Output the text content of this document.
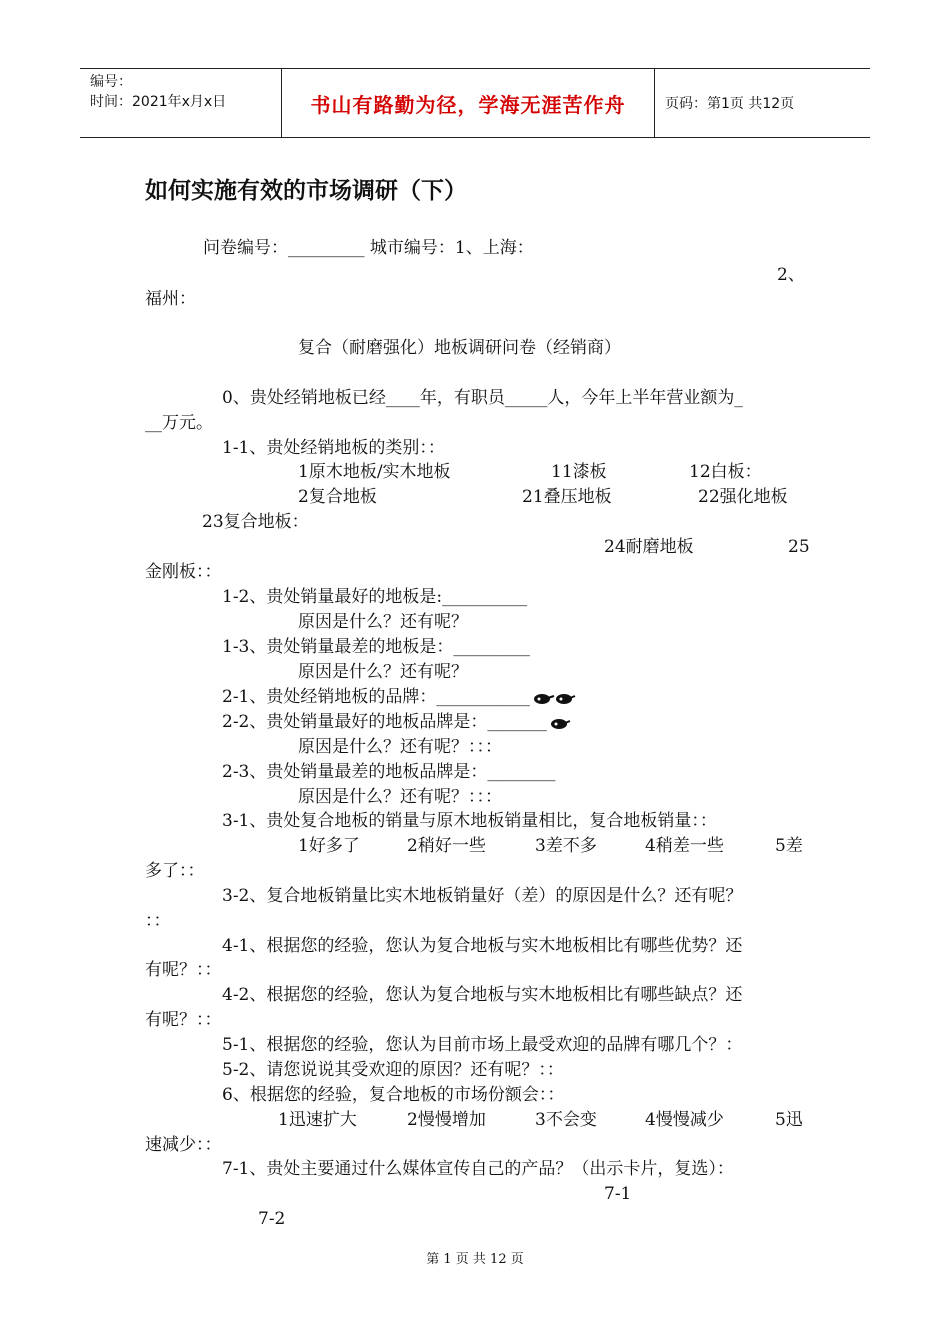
编号：
时间：2021年x月x日	书山有路勤为径，学海无涯苦作舟	页码：第1页 共12页
如何实施有效的市场调研（下）
问卷编号：_________ 城市编号：1、上海：
2、
福州：
复合（耐磨强化）地板调研问卷（经销商）
0、贵处经销地板已经____年，有职员_____人，今年上半年营业额为_
__万元。
1-1、贵处经销地板的类别：：
1原木地板/实木地板	11漆板	12白板：
2复合地板	21叠压地板	22强化地板
23复合地板：
24耐磨地板	25
金刚板：：
1-2、贵处销量最好的地板是:__________
原因是什么？还有呢？
1-3、贵处销量最差的地板是：_________
原因是什么？还有呢？
2-1、贵处经销地板的品牌：___________
2-2、贵处销量最好的地板品牌是：_______
原因是什么？还有呢？：：：
2-3、贵处销量最差的地板品牌是：________
原因是什么？还有呢？：：：
3-1、贵处复合地板的销量与原木地板销量相比，复合地板销量：：
1好多了	2稍好一些	3差不多	4稍差一些	5差
多了：：
3-2、复合地板销量比实木地板销量好（差）的原因是什么？还有呢？
：：
4-1、根据您的经验，您认为复合地板与实木地板相比有哪些优势？还
有呢？：：
4-2、根据您的经验，您认为复合地板与实木地板相比有哪些缺点？还
有呢？：：
5-1、根据您的经验，您认为目前市场上最受欢迎的品牌有哪几个？：
5-2、请您说说其受欢迎的原因？还有呢？：：
6、根据您的经验，复合地板的市场份额会：：
1迅速扩大	2慢慢增加	3不会变	4慢慢减少	5迅
速减少：：
7-1、贵处主要通过什么媒体宣传自己的产品？（出示卡片，复选）：
7-1
7-2
第 1 页 共 12 页
